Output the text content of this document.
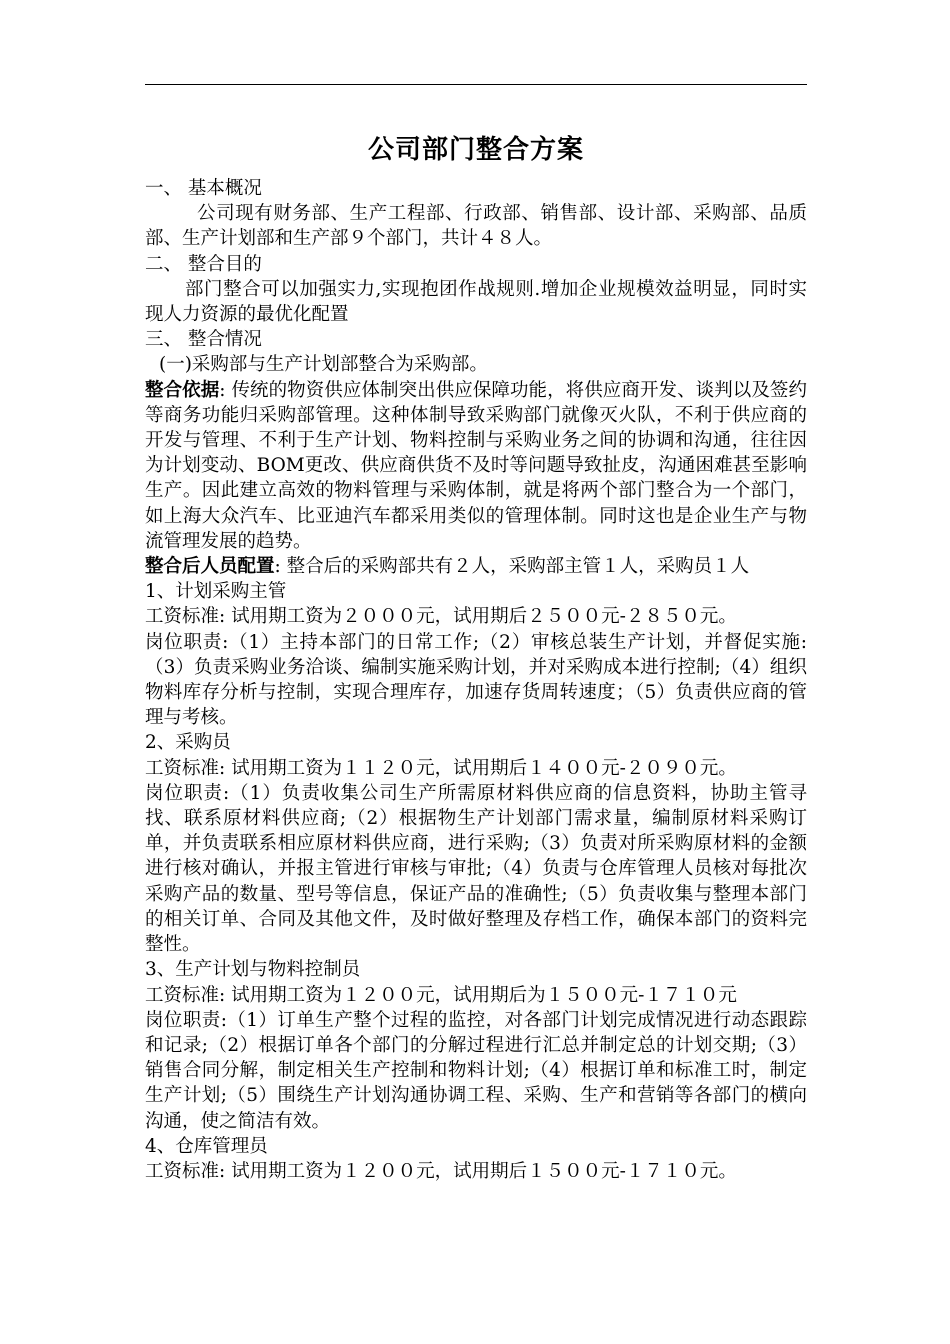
公司部门整合方案

一、 基本概况

公司现有财务部、生产工程部、行政部、销售部、设计部、采购部、品质部、生产计划部和生产部９个部门，共计４８人。

二、 整合目的

部门整合可以加强实力,实现抱团作战规则.增加企业规模效益明显，同时实现人力资源的最优化配置

三、 整合情况

(一)采购部与生产计划部整合为采购部。

整合依据: 传统的物资供应体制突出供应保障功能，将供应商开发、谈判以及签约等商务功能归采购部管理。这种体制导致采购部门就像灭火队，不利于供应商的开发与管理、不利于生产计划、物料控制与采购业务之间的协调和沟通，往往因为计划变动、BOM更改、供应商供货不及时等问题导致扯皮，沟通困难甚至影响生产。因此建立高效的物料管理与采购体制，就是将两个部门整合为一个部门，如上海大众汽车、比亚迪汽车都采用类似的管理体制。同时这也是企业生产与物流管理发展的趋势。

整合后人员配置: 整合后的采购部共有２人，采购部主管１人，采购员１人

1、计划采购主管

工资标准: 试用期工资为２０００元，试用期后２５００元-２８５０元。

岗位职责:（1）主持本部门的日常工作;（2）审核总装生产计划，并督促实施:（3）负责采购业务洽谈、编制实施采购计划，并对采购成本进行控制;（4）组织物料库存分析与控制，实现合理库存，加速存货周转速度；（5）负责供应商的管理与考核。

2、采购员

工资标准: 试用期工资为１１２０元，试用期后１４００元-２０９０元。

岗位职责:（1）负责收集公司生产所需原材料供应商的信息资料，协助主管寻找、联系原材料供应商;（2）根据物生产计划部门需求量，编制原材料采购订单，并负责联系相应原材料供应商，进行采购;（3）负责对所采购原材料的金额进行核对确认，并报主管进行审核与审批;（4）负责与仓库管理人员核对每批次采购产品的数量、型号等信息，保证产品的准确性;（5）负责收集与整理本部门的相关订单、合同及其他文件，及时做好整理及存档工作，确保本部门的资料完整性。

3、生产计划与物料控制员

工资标准: 试用期工资为１２００元，试用期后为１５００元-１７１０元

岗位职责:（1）订单生产整个过程的监控，对各部门计划完成情况进行动态跟踪和记录;（2）根据订单各个部门的分解过程进行汇总并制定总的计划交期;（3）销售合同分解，制定相关生产控制和物料计划;（4）根据订单和标准工时，制定生产计划;（5）围绕生产计划沟通协调工程、采购、生产和营销等各部门的横向沟通，使之简洁有效。

4、仓库管理员

工资标准: 试用期工资为１２００元，试用期后１５００元-１７１０元。
